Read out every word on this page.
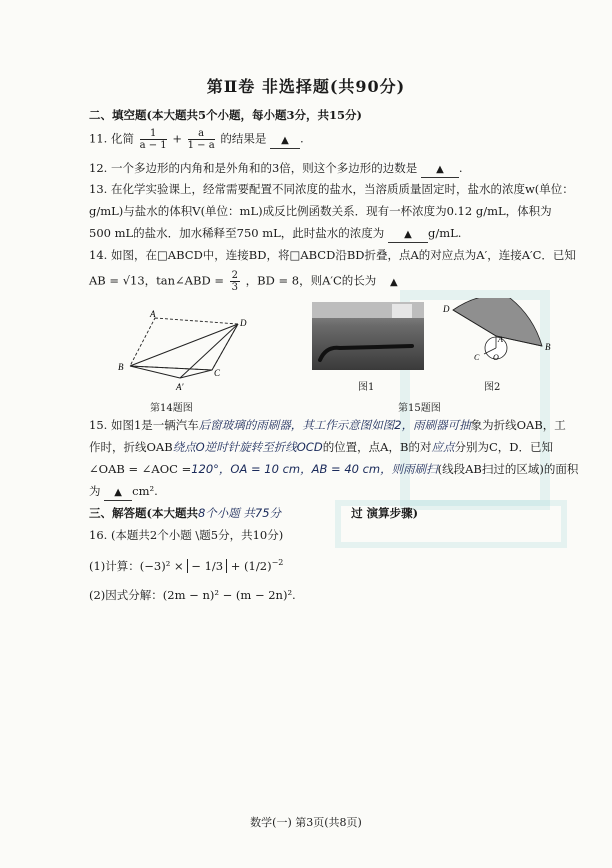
第Ⅱ卷 非选择题(共90分)
二、填空题(本大题共5个小题，每小题3分，共15分)
11. 化简 $\frac{1}{a - 1} + \frac{a}{1 - a}$ 的结果是 ▲ .
12. 一个多边形的内角和是外角和的3倍，则这个多边形的边数是 ▲ .
13. 在化学实验课上，经常需要配置不同浓度的盐水，当溶质质量固定时，盐水的浓度w(单位：
g/mL)与盐水的体积V(单位：mL)成反比例函数关系．现有一杯浓度为0.12 g/mL，体积为
500 mL的盐水．加水稀释至750 mL，此时盐水的浓度为 ▲ g/mL.
14. 如图，在□ABCD中，连接BD，将□ABCD沿BD折叠，点A的对应点为A′，连接A′C．已知
AB = √13，tan∠ABD = $\frac{2}{3}$ ，BD = 8，则A′C的长为 ▲
A
D
B
C
A′
第14题图
图1
D
A
B
C O
图2
第15题图
15. 如图1是一辆汽车后窗玻璃的雨刷器，其工作示意图如图2，雨刷器可抽象为折线OAB，工
作时，折线OAB绕点O逆时针旋转至折线OCD的位置，点A，B的对应点分别为C，D．已知
∠OAB = ∠AOC =120°，OA = 10 cm，AB = 40 cm，则雨刷扫(线段AB扫过的区域)的面积
为 ▲ cm².
三、解答题(本大题共8个小题 共75分	过 演算步骤)
16. (本题共2个小题 \题5分，共10分)
(1)计算：(−3)² × − $1/3 + (1/2)^{-2}$
(2)因式分解：(2m − n)² − (m − 2n)².
数学(一) 第3页(共8页)
